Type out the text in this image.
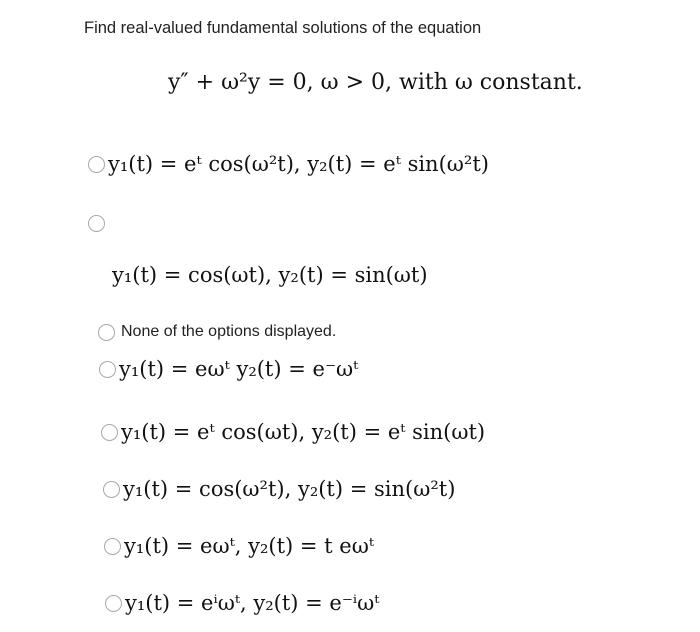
Find real-valued fundamental solutions of the equation
y″ + ω²y = 0, ω > 0, with ω constant.
y₁(t) = eᵗ cos(ω²t), y₂(t) = eᵗ sin(ω²t)
y₁(t) = cos(ωt), y₂(t) = sin(ωt)
None of the options displayed.
y₁(t) = eωᵗ y₂(t) = e⁻ωᵗ
y₁(t) = eᵗ cos(ωt), y₂(t) = eᵗ sin(ωt)
y₁(t) = cos(ω²t), y₂(t) = sin(ω²t)
y₁(t) = eωᵗ, y₂(t) = t eωᵗ
y₁(t) = eⁱωᵗ, y₂(t) = e⁻ⁱωᵗ
